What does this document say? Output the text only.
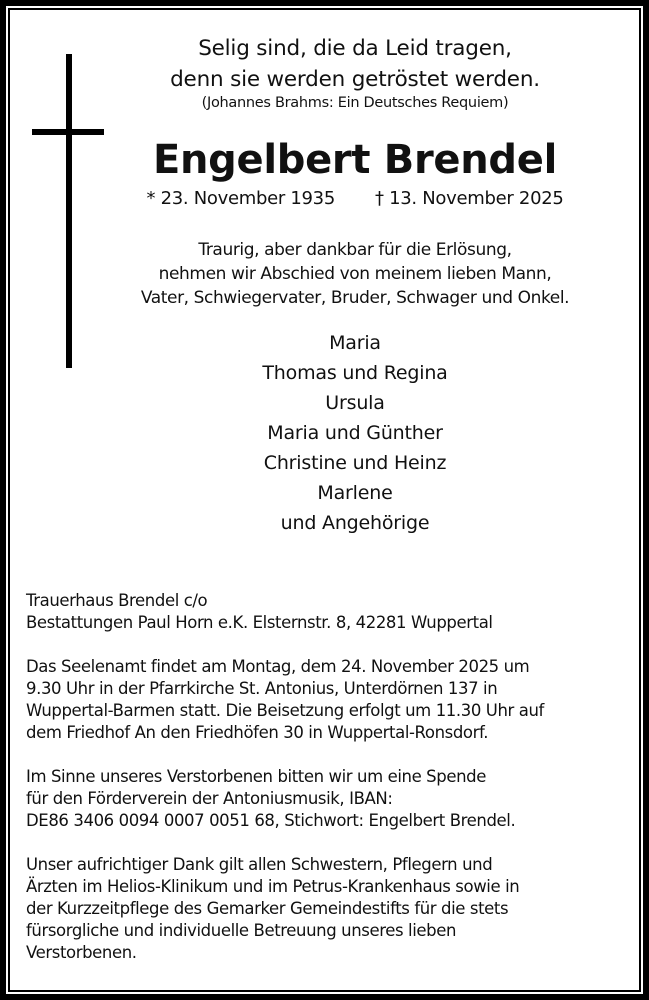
Selig sind, die da Leid tragen,
denn sie werden getröstet werden.
(Johannes Brahms: Ein Deutsches Requiem)
Engelbert Brendel
* 23. November 1935 † 13. November 2025
Traurig, aber dankbar für die Erlösung,
nehmen wir Abschied von meinem lieben Mann,
Vater, Schwiegervater, Bruder, Schwager und Onkel.
Maria
Thomas und Regina
Ursula
Maria und Günther
Christine und Heinz
Marlene
und Angehörige
Trauerhaus Brendel c/o
Bestattungen Paul Horn e.K. Elsternstr. 8, 42281 Wuppertal
Das Seelenamt findet am Montag, dem 24. November 2025 um
9.30 Uhr in der Pfarrkirche St. Antonius, Unterdörnen 137 in
Wuppertal-Barmen statt. Die Beisetzung erfolgt um 11.30 Uhr auf
dem Friedhof An den Friedhöfen 30 in Wuppertal-Ronsdorf.
Im Sinne unseres Verstorbenen bitten wir um eine Spende
für den Förderverein der Antoniusmusik, IBAN:
DE86 3406 0094 0007 0051 68, Stichwort: Engelbert Brendel.
Unser aufrichtiger Dank gilt allen Schwestern, Pflegern und
Ärzten im Helios-Klinikum und im Petrus-Krankenhaus sowie in
der Kurzzeitpflege des Gemarker Gemeindestifts für die stets
fürsorgliche und individuelle Betreuung unseres lieben
Verstorbenen.
